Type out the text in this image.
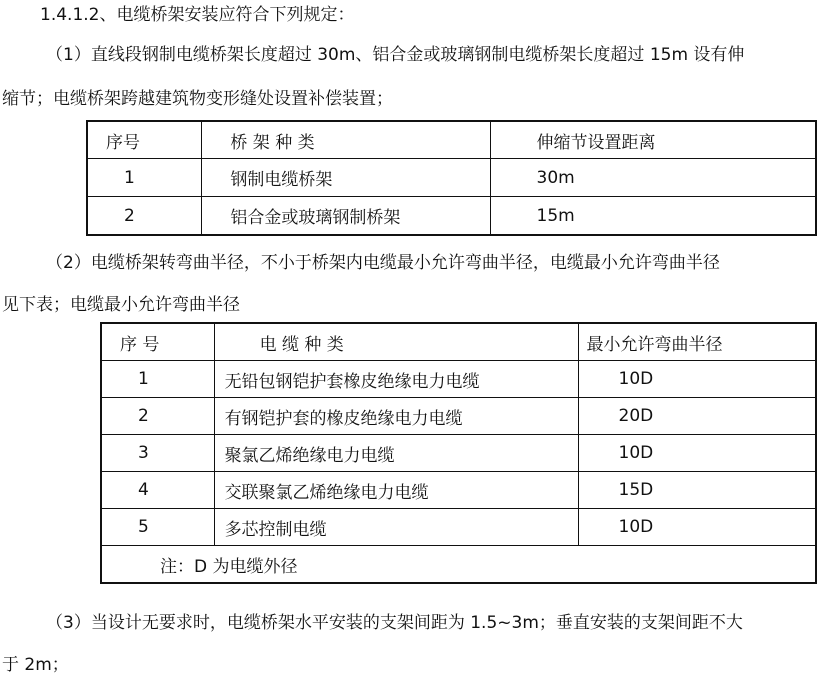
1.4.1.2、电缆桥架安装应符合下列规定：
（1）直线段钢制电缆桥架长度超过 30m、铝合金或玻璃钢制电缆桥架长度超过 15m 设有伸
缩节；电缆桥架跨越建筑物变形缝处设置补偿装置；
序号	桥 架 种 类	伸缩节设置距离
1	钢制电缆桥架	30m
2	铝合金或玻璃钢制桥架	15m
（2）电缆桥架转弯曲半径，不小于桥架内电缆最小允许弯曲半径，电缆最小允许弯曲半径
见下表；电缆最小允许弯曲半径
序 号	电 缆 种 类	最小允许弯曲半径
1	无铅包钢铠护套橡皮绝缘电力电缆	10D
2	有钢铠护套的橡皮绝缘电力电缆	20D
3	聚氯乙烯绝缘电力电缆	10D
4	交联聚氯乙烯绝缘电力电缆	15D
5	多芯控制电缆	10D
注：D 为电缆外径		
（3）当设计无要求时，电缆桥架水平安装的支架间距为 1.5~3m；垂直安装的支架间距不大
于 2m；
